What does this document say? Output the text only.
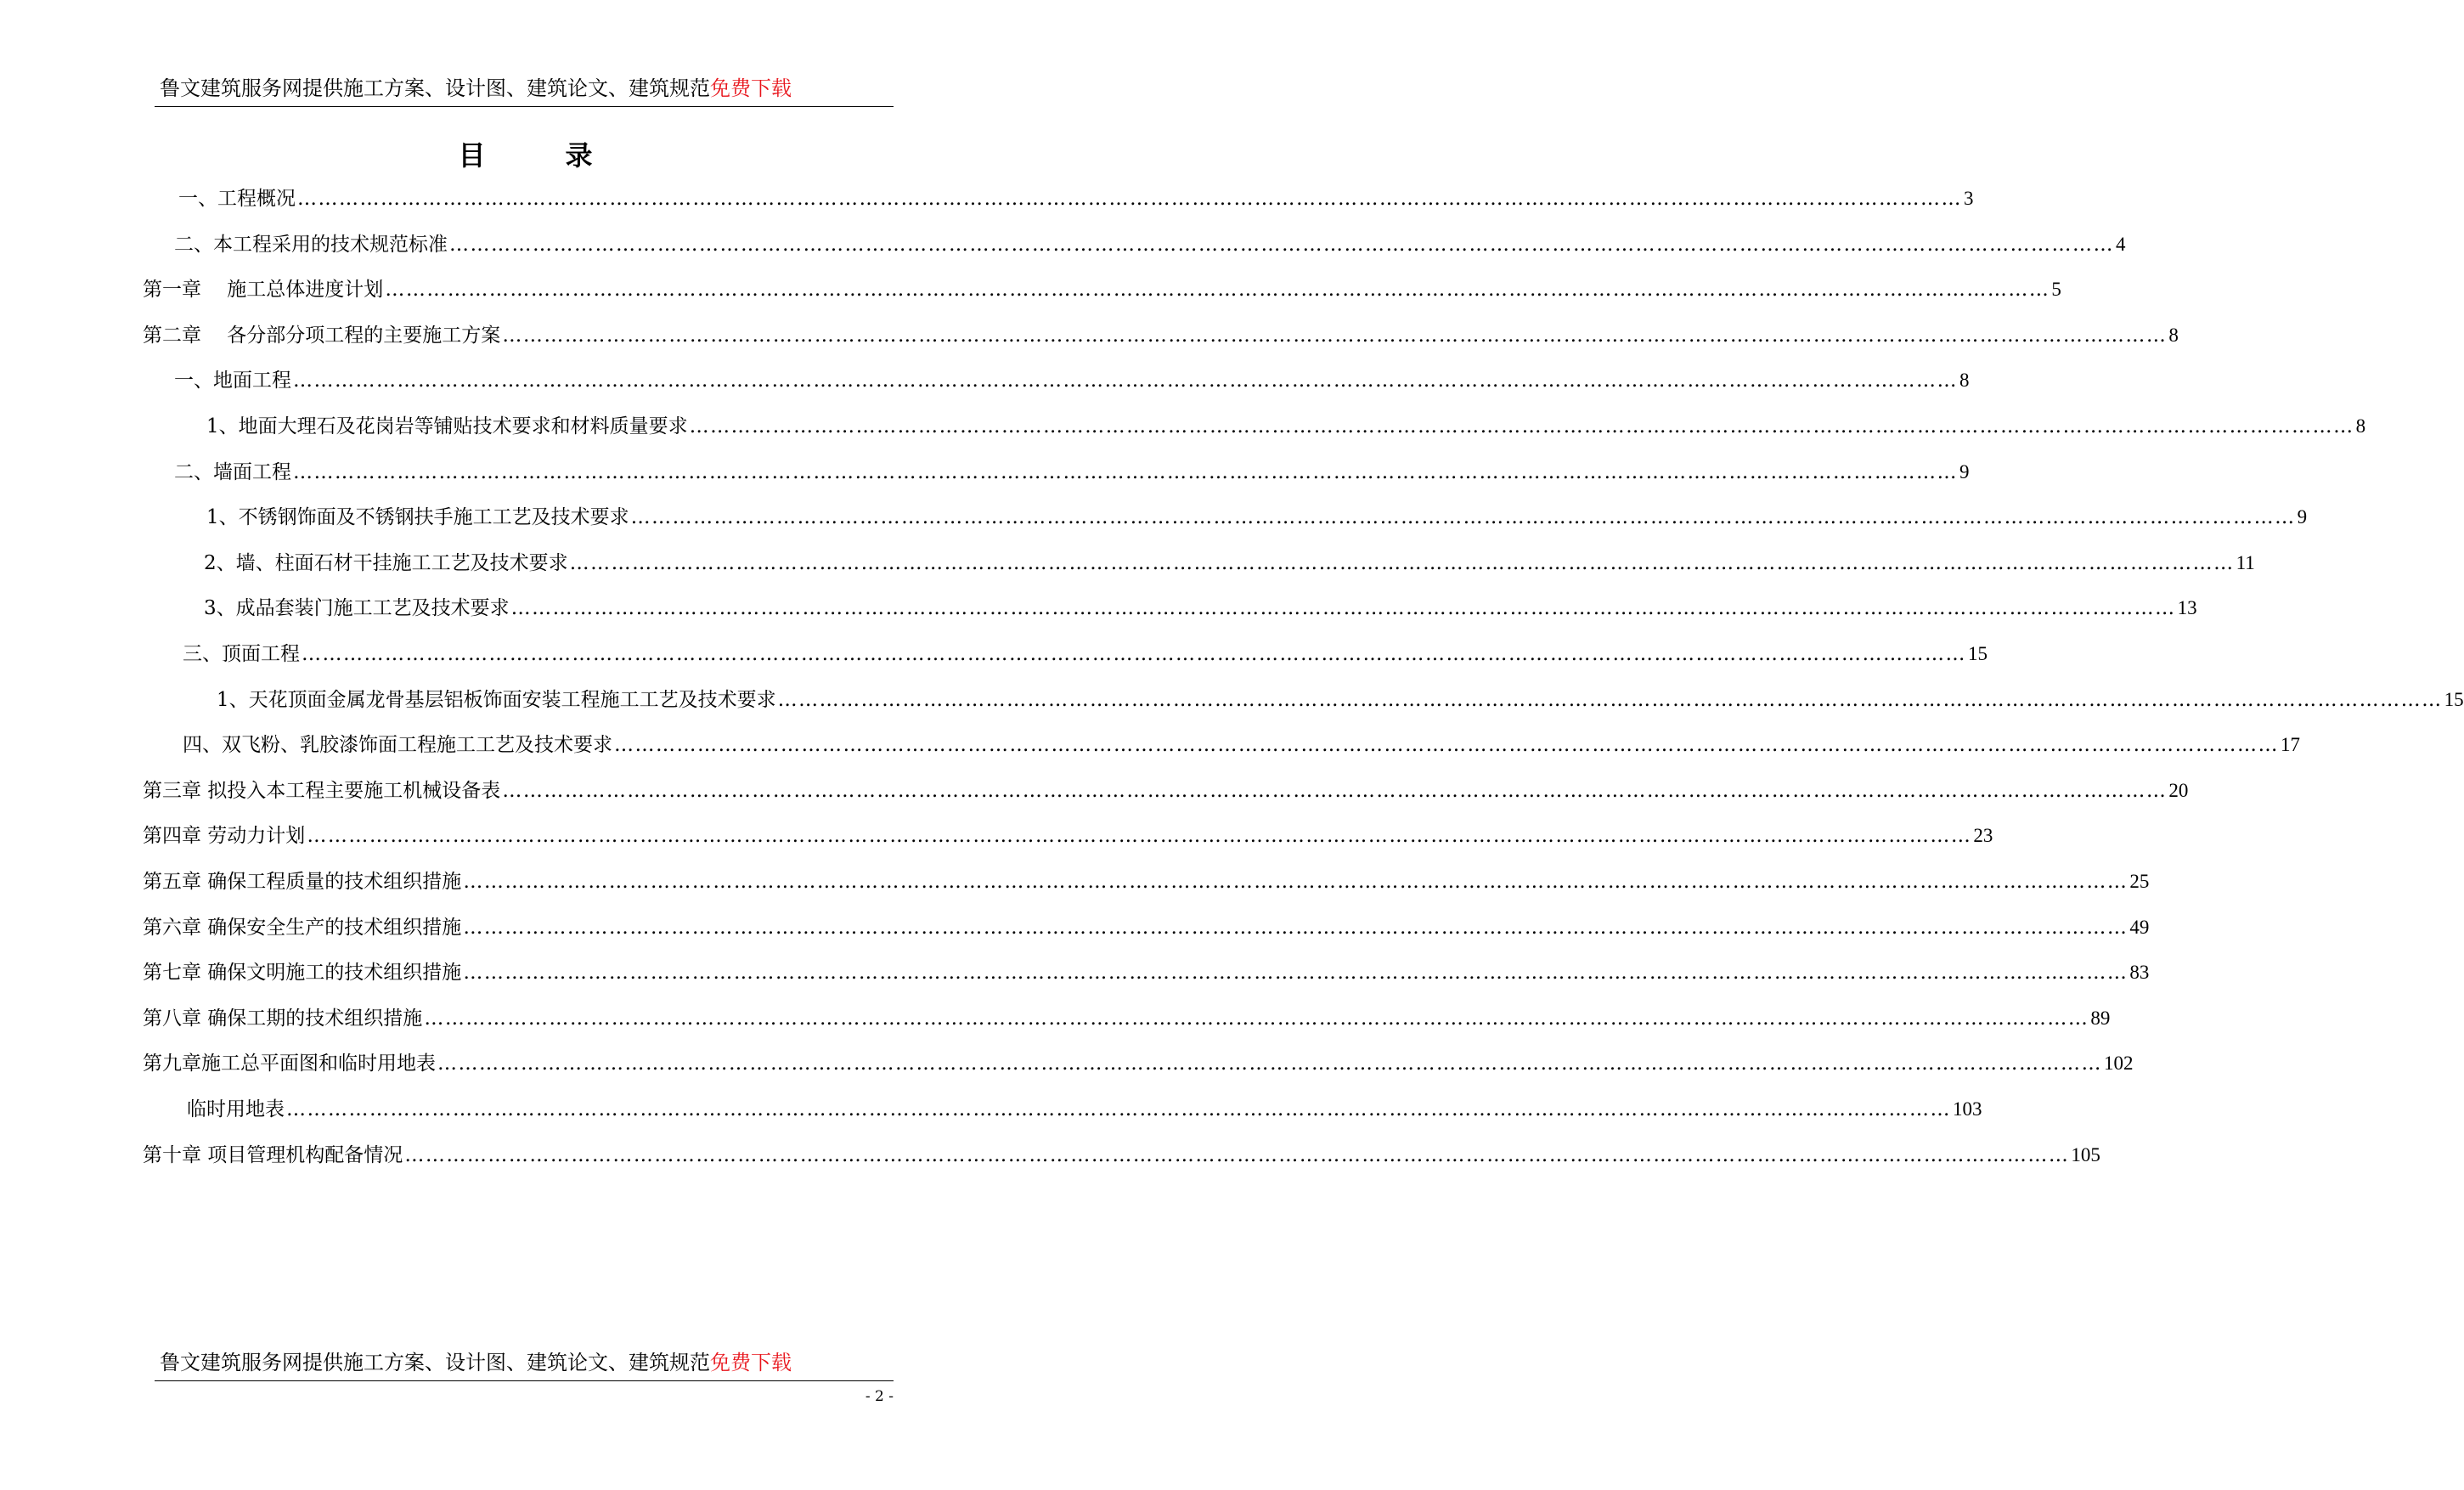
鲁文建筑服务网提供施工方案、设计图、建筑论文、建筑规范免费下载
目	录
一、工程概况 …………………………………………………………………………………………………………………………………………………………………………………………………………………… 3
二、本工程采用的技术规范标准 …………………………………………………………………………………………………………………………………………………………………………………………………………………… 4
第一章　 施工总体进度计划 …………………………………………………………………………………………………………………………………………………………………………………………………………………… 5
第二章　 各分部分项工程的主要施工方案 …………………………………………………………………………………………………………………………………………………………………………………………………………………… 8
一、地面工程 …………………………………………………………………………………………………………………………………………………………………………………………………………………… 8
1、地面大理石及花岗岩等铺贴技术要求和材料质量要求 …………………………………………………………………………………………………………………………………………………………………………………………………………………… 8
二、墙面工程 …………………………………………………………………………………………………………………………………………………………………………………………………………………… 9
1、不锈钢饰面及不锈钢扶手施工工艺及技术要求 …………………………………………………………………………………………………………………………………………………………………………………………………………………… 9
2、墙、柱面石材干挂施工工艺及技术要求 …………………………………………………………………………………………………………………………………………………………………………………………………………………… 11
3、成品套装门施工工艺及技术要求 …………………………………………………………………………………………………………………………………………………………………………………………………………………… 13
三、顶面工程 …………………………………………………………………………………………………………………………………………………………………………………………………………………… 15
1、天花顶面金属龙骨基层铝板饰面安装工程施工工艺及技术要求 …………………………………………………………………………………………………………………………………………………………………………………………………………………… 15
四、双飞粉、乳胶漆饰面工程施工工艺及技术要求 …………………………………………………………………………………………………………………………………………………………………………………………………………………… 17
第三章 拟投入本工程主要施工机械设备表 …………………………………………………………………………………………………………………………………………………………………………………………………………………… 20
第四章 劳动力计划 …………………………………………………………………………………………………………………………………………………………………………………………………………………… 23
第五章 确保工程质量的技术组织措施 …………………………………………………………………………………………………………………………………………………………………………………………………………………… 25
第六章 确保安全生产的技术组织措施 …………………………………………………………………………………………………………………………………………………………………………………………………………………… 49
第七章 确保文明施工的技术组织措施 …………………………………………………………………………………………………………………………………………………………………………………………………………………… 83
第八章 确保工期的技术组织措施 …………………………………………………………………………………………………………………………………………………………………………………………………………………… 89
第九章施工总平面图和临时用地表 …………………………………………………………………………………………………………………………………………………………………………………………………………………… 102
临时用地表 …………………………………………………………………………………………………………………………………………………………………………………………………………………… 103
第十章 项目管理机构配备情况 …………………………………………………………………………………………………………………………………………………………………………………………………………………… 105
鲁文建筑服务网提供施工方案、设计图、建筑论文、建筑规范免费下载
- 2 -
